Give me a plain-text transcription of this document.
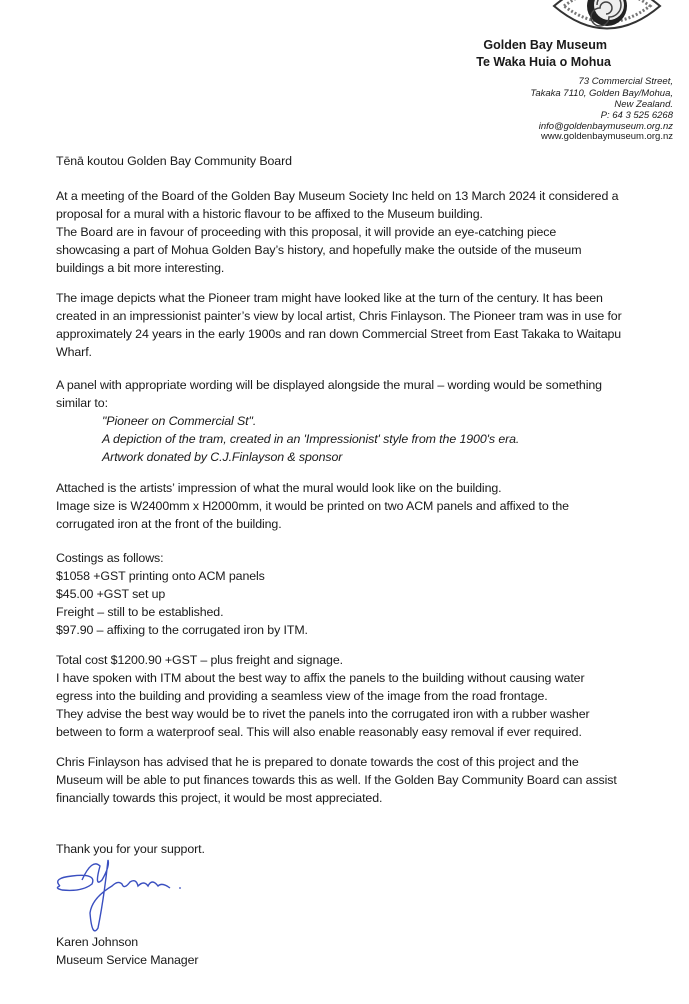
Golden Bay Museum
Te Waka Huia o Mohua
73 Commercial Street,
Takaka 7110, Golden Bay/Mohua,
New Zealand.
P: 64 3 525 6268
info@goldenbaymuseum.org.nz
www.goldenbaymuseum.org.nz
Tēnā koutou Golden Bay Community Board
At a meeting of the Board of the Golden Bay Museum Society Inc held on 13 March 2024 it considered a
proposal for a mural with a historic flavour to be affixed to the Museum building.
The Board are in favour of proceeding with this proposal, it will provide an eye-catching piece
showcasing a part of Mohua Golden Bay’s history, and hopefully make the outside of the museum
buildings a bit more interesting.
The image depicts what the Pioneer tram might have looked like at the turn of the century. It has been
created in an impressionist painter’s view by local artist, Chris Finlayson. The Pioneer tram was in use for
approximately 24 years in the early 1900s and ran down Commercial Street from East Takaka to Waitapu
Wharf.
A panel with appropriate wording will be displayed alongside the mural – wording would be something
similar to:
"Pioneer on Commercial St".
A depiction of the tram, created in an 'Impressionist' style from the 1900's era.
Artwork donated by C.J.Finlayson & sponsor
Attached is the artists’ impression of what the mural would look like on the building.
Image size is W2400mm x H2000mm, it would be printed on two ACM panels and affixed to the
corrugated iron at the front of the building.
Costings as follows:
$1058 +GST printing onto ACM panels
$45.00 +GST set up
Freight – still to be established.
$97.90 – affixing to the corrugated iron by ITM.
Total cost $1200.90 +GST – plus freight and signage.
I have spoken with ITM about the best way to affix the panels to the building without causing water
egress into the building and providing a seamless view of the image from the road frontage.
They advise the best way would be to rivet the panels into the corrugated iron with a rubber washer
between to form a waterproof seal. This will also enable reasonably easy removal if ever required.
Chris Finlayson has advised that he is prepared to donate towards the cost of this project and the
Museum will be able to put finances towards this as well. If the Golden Bay Community Board can assist
financially towards this project, it would be most appreciated.
Thank you for your support.
Karen Johnson
Museum Service Manager
